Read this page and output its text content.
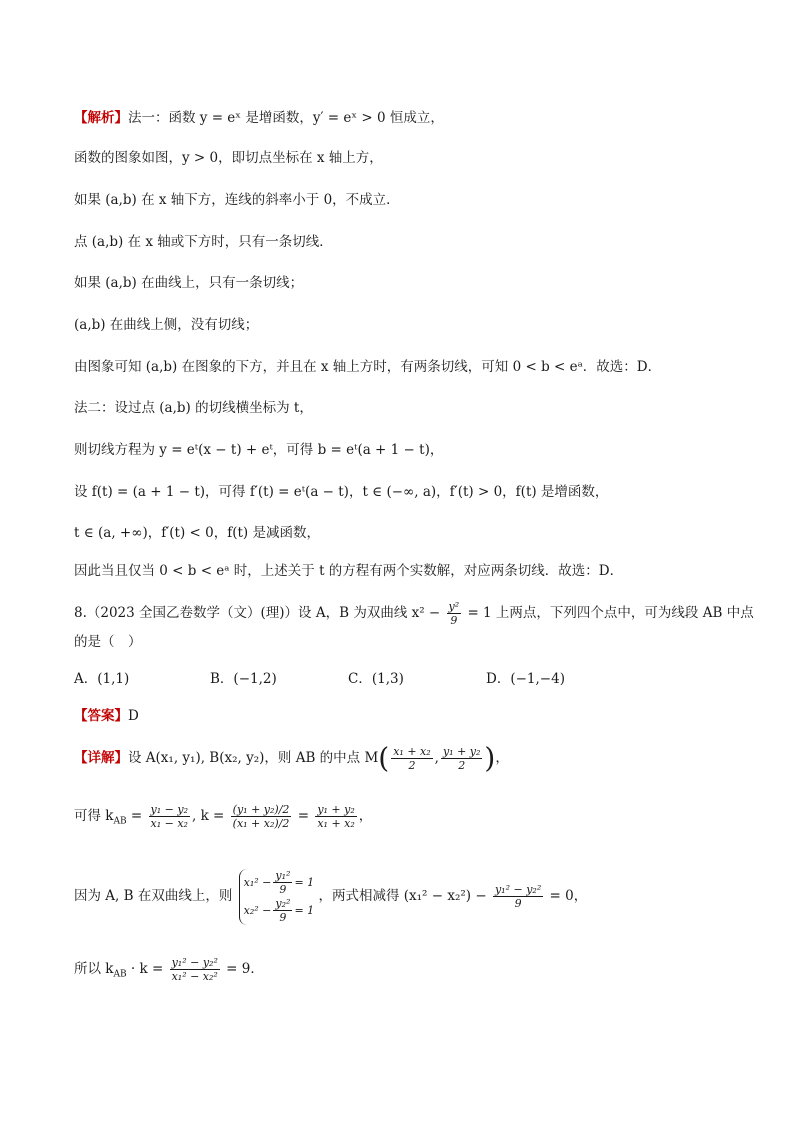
【解析】法一：函数 y = eˣ 是增函数，y′ = eˣ > 0 恒成立，
函数的图象如图，y > 0，即切点坐标在 x 轴上方，
如果 (a,b) 在 x 轴下方，连线的斜率小于 0，不成立．
点 (a,b) 在 x 轴或下方时，只有一条切线．
如果 (a,b) 在曲线上，只有一条切线；
(a,b) 在曲线上侧，没有切线；
由图象可知 (a,b) 在图象的下方，并且在 x 轴上方时，有两条切线，可知 0 < b < eᵃ．故选：D．
法二：设过点 (a,b) 的切线横坐标为 t，
则切线方程为 y = eᵗ(x − t) + eᵗ，可得 b = eᵗ(a + 1 − t)，
设 f(t) = (a + 1 − t)，可得 f′(t) = eᵗ(a − t)，t ∈ (−∞, a)，f′(t) > 0，f(t) 是增函数，
t ∈ (a, +∞)，f′(t) < 0，f(t) 是减函数，
因此当且仅当 0 < b < eᵃ 时，上述关于 t 的方程有两个实数解，对应两条切线．故选：D．
8.（2023 全国乙卷数学（文）(理)）设 A，B 为双曲线 $x^2 - \frac{\text{y²}}{9} = 1$ 上两点，下列四个点中，可为线段 AB 中点
的是（　）
A．(1,1)	B．(−1,2)	C．(1,3)	D．(−1,−4)
【答案】D
【详解】设 A(x₁, y₁), B(x₂, y₂)，则 AB 的中点 $M( \frac{\text{x₁ + x₂}}{2}$ , $\frac{\text{y₁ + y₂}}{2}$ )，
可得 $k_{AB} = \frac{\text{y₁ − y₂}}{\text{x₁ − x₂}}$ , $k = \frac{\text{(y₁ + y₂)/2}}{\text{(x₁ + x₂)/2}} = \frac{\text{y₁ + y₂}}{\text{x₁ + x₂}}$ ，
因为 A, B 在双曲线上，则
$x_1^2 - \frac{\text{y₁²}}{9} = 1$
$x_2^2 - \frac{\text{y₂²}}{9} = 1$
，两式相减得 $(x_1^2 - x_2^2) - \frac{\text{y₁² − y₂²}}{9} = 0$，
所以 $k_{AB} \cdot k = \frac{\text{y₁² − y₂²}}{\text{x₁² − x₂²}} = 9$．
